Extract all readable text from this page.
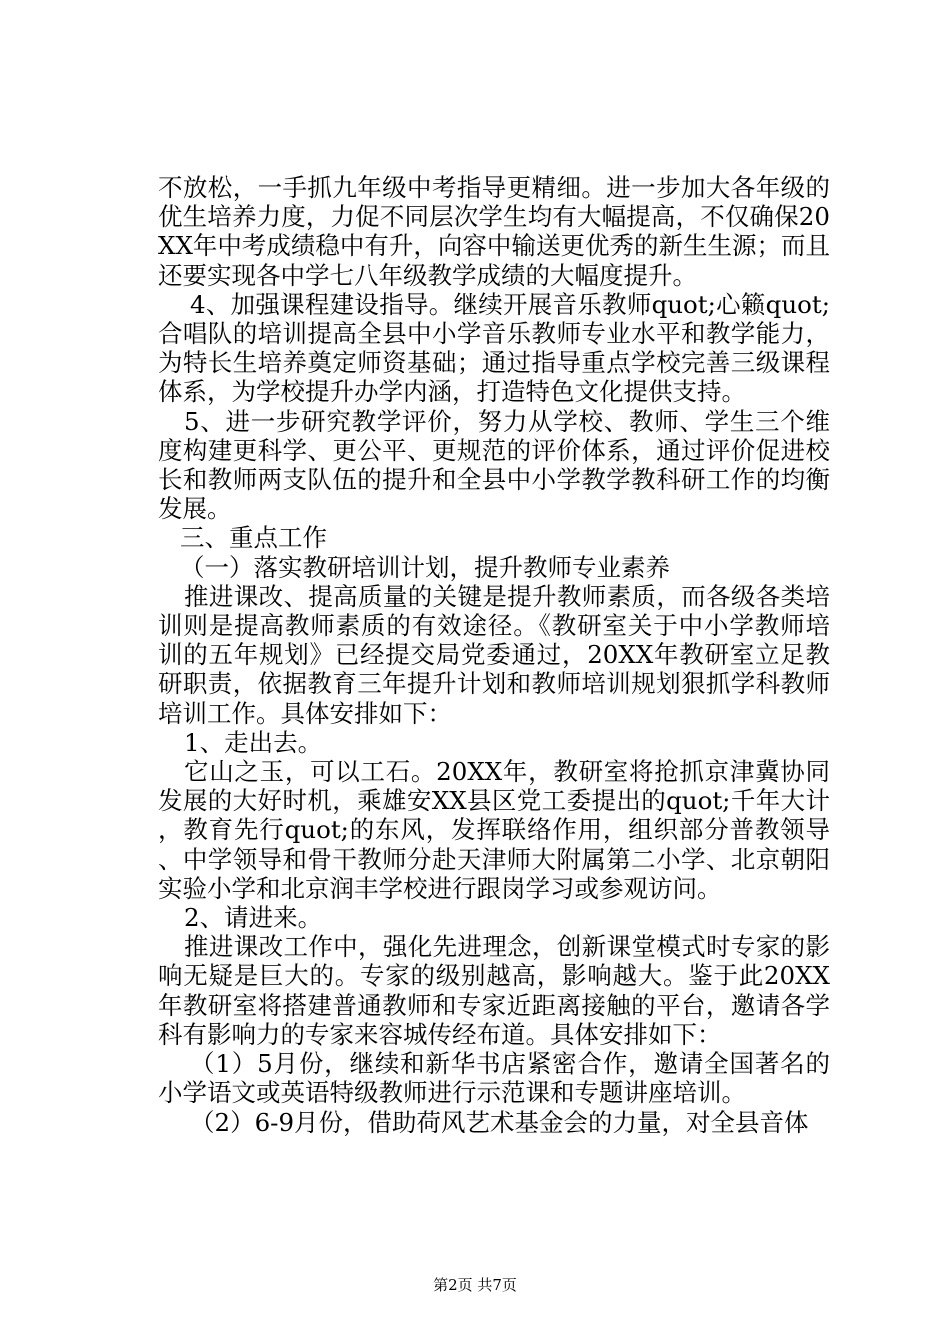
不放松，一手抓九年级中考指导更精细。进一步加大各年级的优生培养力度，力促不同层次学生均有大幅提高，不仅确保20XX年中考成绩稳中有升，向容中输送更优秀的新生生源；而且还要实现各中学七八年级教学成绩的大幅度提升。

4、加强课程建设指导。继续开展音乐教师quot;心籁quot;合唱队的培训提高全县中小学音乐教师专业水平和教学能力，为特长生培养奠定师资基础；通过指导重点学校完善三级课程体系，为学校提升办学内涵，打造特色文化提供支持。

5、进一步研究教学评价，努力从学校、教师、学生三个维度构建更科学、更公平、更规范的评价体系，通过评价促进校长和教师两支队伍的提升和全县中小学教学教科研工作的均衡发展。

三、重点工作

（一）落实教研培训计划，提升教师专业素养

推进课改、提高质量的关键是提升教师素质，而各级各类培训则是提高教师素质的有效途径。《教研室关于中小学教师培训的五年规划》已经提交局党委通过，20XX年教研室立足教研职责，依据教育三年提升计划和教师培训规划狠抓学科教师培训工作。具体安排如下：

1、走出去。

它山之玉，可以工石。20XX年，教研室将抢抓京津冀协同发展的大好时机，乘雄安XX县区党工委提出的quot;千年大计，教育先行quot;的东风，发挥联络作用，组织部分普教领导、中学领导和骨干教师分赴天津师大附属第二小学、北京朝阳实验小学和北京润丰学校进行跟岗学习或参观访问。

2、请进来。

推进课改工作中，强化先进理念，创新课堂模式时专家的影响无疑是巨大的。专家的级别越高，影响越大。鉴于此20XX年教研室将搭建普通教师和专家近距离接触的平台，邀请各学科有影响力的专家来容城传经布道。具体安排如下：

（1）5月份，继续和新华书店紧密合作，邀请全国著名的小学语文或英语特级教师进行示范课和专题讲座培训。

（2）6-9月份，借助荷风艺术基金会的力量，对全县音体

第2页 共7页
